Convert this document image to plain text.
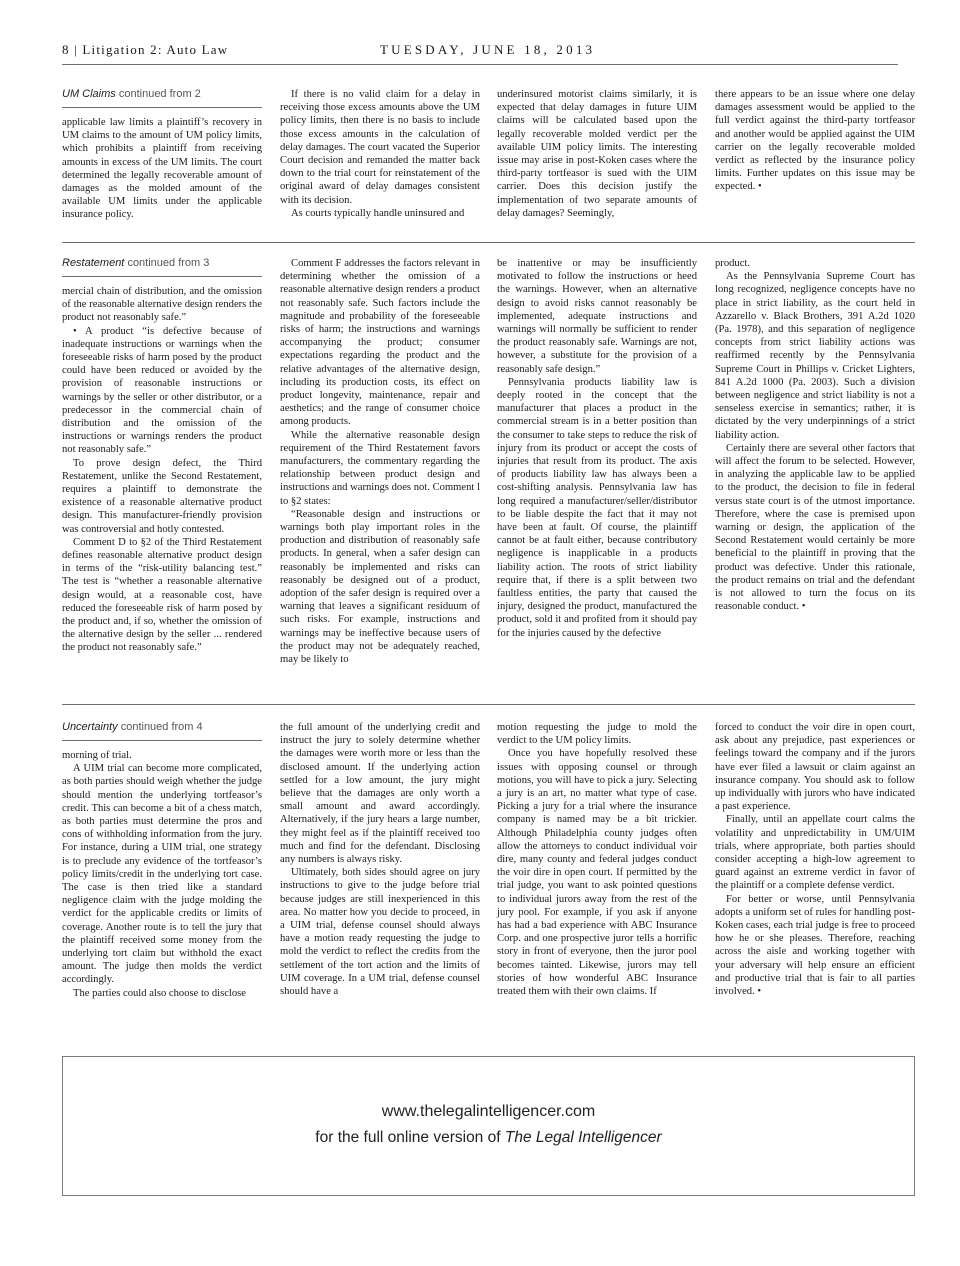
8 | Litigation 2: Auto Law	TUESDAY, JUNE 18, 2013
UM Claims continued from 2

applicable law limits a plaintiff’s recovery in UM claims to the amount of UM policy limits, which prohibits a plaintiff from receiving amounts in excess of the UM limits. The court determined the legally recoverable amount of damages as the molded amount of the available UM limits under the applicable insurance policy.

If there is no valid claim for a delay in receiving those excess amounts above the UM policy limits, then there is no basis to include those excess amounts in the calculation of delay damages. The court vacated the Superior Court decision and remanded the matter back down to the trial court for reinstatement of the original award of delay damages consistent with its decision.

As courts typically handle uninsured and

underinsured motorist claims similarly, it is expected that delay damages in future UIM claims will be calculated based upon the legally recoverable molded verdict per the available UIM policy limits. The interesting issue may arise in post-Koken cases where the third-party tortfeasor is sued with the UIM carrier. Does this decision justify the implementation of two separate amounts of delay damages? Seemingly,

there appears to be an issue where one delay damages assessment would be applied to the full verdict against the third-party tortfeasor and another would be applied against the UIM carrier on the legally recoverable molded verdict as reflected by the insurance policy limits. Further updates on this issue may be expected. •

Restatement continued from 3

mercial chain of distribution, and the omission of the reasonable alternative design renders the product not reasonably safe.”

• A product “is defective because of inadequate instructions or warnings when the foreseeable risks of harm posed by the product could have been reduced or avoided by the provision of reasonable instructions or warnings by the seller or other distributor, or a predecessor in the commercial chain of distribution and the omission of the instructions or warnings renders the product not reasonably safe.”

To prove design defect, the Third Restatement, unlike the Second Restatement, requires a plaintiff to demonstrate the existence of a reasonable alternative product design. This manufacturer-friendly provision was controversial and hotly contested.

Comment D to §2 of the Third Restatement defines reasonable alternative product design in terms of the “risk-utility balancing test.” The test is “whether a reasonable alternative design would, at a reasonable cost, have reduced the foreseeable risk of harm posed by the product and, if so, whether the omission of the alternative design by the seller ... rendered the product not reasonably safe.”

Comment F addresses the factors relevant in determining whether the omission of a reasonable alternative design renders a product not reasonably safe. Such factors include the magnitude and probability of the foreseeable risks of harm; the instructions and warnings accompanying the product; consumer expectations regarding the product and the relative advantages of the alternative design, including its production costs, its effect on product longevity, maintenance, repair and aesthetics; and the range of consumer choice among products.

While the alternative reasonable design requirement of the Third Restatement favors manufacturers, the commentary regarding the relationship between product design and instructions and warnings does not. Comment l to §2 states:

“Reasonable design and instructions or warnings both play important roles in the production and distribution of reasonably safe products. In general, when a safer design can reasonably be implemented and risks can reasonably be designed out of a product, adoption of the safer design is required over a warning that leaves a significant residuum of such risks. For example, instructions and warnings may be ineffective because users of the product may not be adequately reached, may be likely to

be inattentive or may be insufficiently motivated to follow the instructions or heed the warnings. However, when an alternative design to avoid risks cannot reasonably be implemented, adequate instructions and warnings will normally be sufficient to render the product reasonably safe. Warnings are not, however, a substitute for the provision of a reasonably safe design.”

Pennsylvania products liability law is deeply rooted in the concept that the manufacturer that places a product in the commercial stream is in a better position than the consumer to take steps to reduce the risk of injury from its product or accept the costs of injuries that result from its product. The axis of products liability law has always been a cost-shifting analysis. Pennsylvania law has long required a manufacturer/seller/distributor to be liable despite the fact that it may not have been at fault. Of course, the plaintiff cannot be at fault either, because contributory negligence is inapplicable in a products liability action. The roots of strict liability require that, if there is a split between two faultless entities, the party that caused the injury, designed the product, manufactured the product, sold it and profited from it should pay for the injuries caused by the defective

product.

As the Pennsylvania Supreme Court has long recognized, negligence concepts have no place in strict liability, as the court held in Azzarello v. Black Brothers, 391 A.2d 1020 (Pa. 1978), and this separation of negligence concepts from strict liability actions was reaffirmed recently by the Pennsylvania Supreme Court in Phillips v. Cricket Lighters, 841 A.2d 1000 (Pa. 2003). Such a division between negligence and strict liability is not a senseless exercise in semantics; rather, it is dictated by the very underpinnings of a strict liability action.

Certainly there are several other factors that will affect the forum to be selected. However, in analyzing the applicable law to be applied to the product, the decision to file in federal versus state court is of the utmost importance. Therefore, where the case is premised upon warning or design, the application of the Second Restatement would certainly be more beneficial to the plaintiff in proving that the product was defective. Under this rationale, the product remains on trial and the defendant is not allowed to turn the focus on its reasonable conduct. •

Uncertainty continued from 4

morning of trial.

A UIM trial can become more complicated, as both parties should weigh whether the judge should mention the underlying tortfeasor’s credit. This can become a bit of a chess match, as both parties must determine the pros and cons of withholding information from the jury. For instance, during a UIM trial, one strategy is to preclude any evidence of the tortfeasor’s policy limits/credit in the underlying tort case. The case is then tried like a standard negligence claim with the judge molding the verdict for the applicable credits or limits of coverage. Another route is to tell the jury that the plaintiff received some money from the underlying tort claim but withhold the exact amount. The judge then molds the verdict accordingly.

The parties could also choose to disclose

the full amount of the underlying credit and instruct the jury to solely determine whether the damages were worth more or less than the disclosed amount. If the underlying action settled for a low amount, the jury might believe that the damages are only worth a small amount and award accordingly. Alternatively, if the jury hears a large number, they might feel as if the plaintiff received too much and find for the defendant. Disclosing any numbers is always risky.

Ultimately, both sides should agree on jury instructions to give to the judge before trial because judges are still inexperienced in this area. No matter how you decide to proceed, in a UIM trial, defense counsel should always have a motion ready requesting the judge to mold the verdict to reflect the credits from the settlement of the tort action and the limits of UIM coverage. In a UM trial, defense counsel should have a

motion requesting the judge to mold the verdict to the UM policy limits.

Once you have hopefully resolved these issues with opposing counsel or through motions, you will have to pick a jury. Selecting a jury is an art, no matter what type of case. Picking a jury for a trial where the insurance company is named may be a bit trickier. Although Philadelphia county judges often allow the attorneys to conduct individual voir dire, many county and federal judges conduct the voir dire in open court. If permitted by the trial judge, you want to ask pointed questions to individual jurors away from the rest of the jury pool. For example, if you ask if anyone has had a bad experience with ABC Insurance Corp. and one prospective juror tells a horrific story in front of everyone, then the juror pool becomes tainted. Likewise, jurors may tell stories of how wonderful ABC Insurance treated them with their own claims. If

forced to conduct the voir dire in open court, ask about any prejudice, past experiences or feelings toward the company and if the jurors have ever filed a lawsuit or claim against an insurance company. You should ask to follow up individually with jurors who have indicated a past experience.

Finally, until an appellate court calms the volatility and unpredictability in UM/UIM trials, where appropriate, both parties should consider accepting a high-low agreement to guard against an extreme verdict in favor of the plaintiff or a complete defense verdict.

For better or worse, until Pennsylvania adopts a uniform set of rules for handling post-Koken cases, each trial judge is free to proceed how he or she pleases. Therefore, reaching across the aisle and working together with your adversary will help ensure an efficient and productive trial that is fair to all parties involved. •

www.thelegalintelligencer.com
for the full online version of The Legal Intelligencer
